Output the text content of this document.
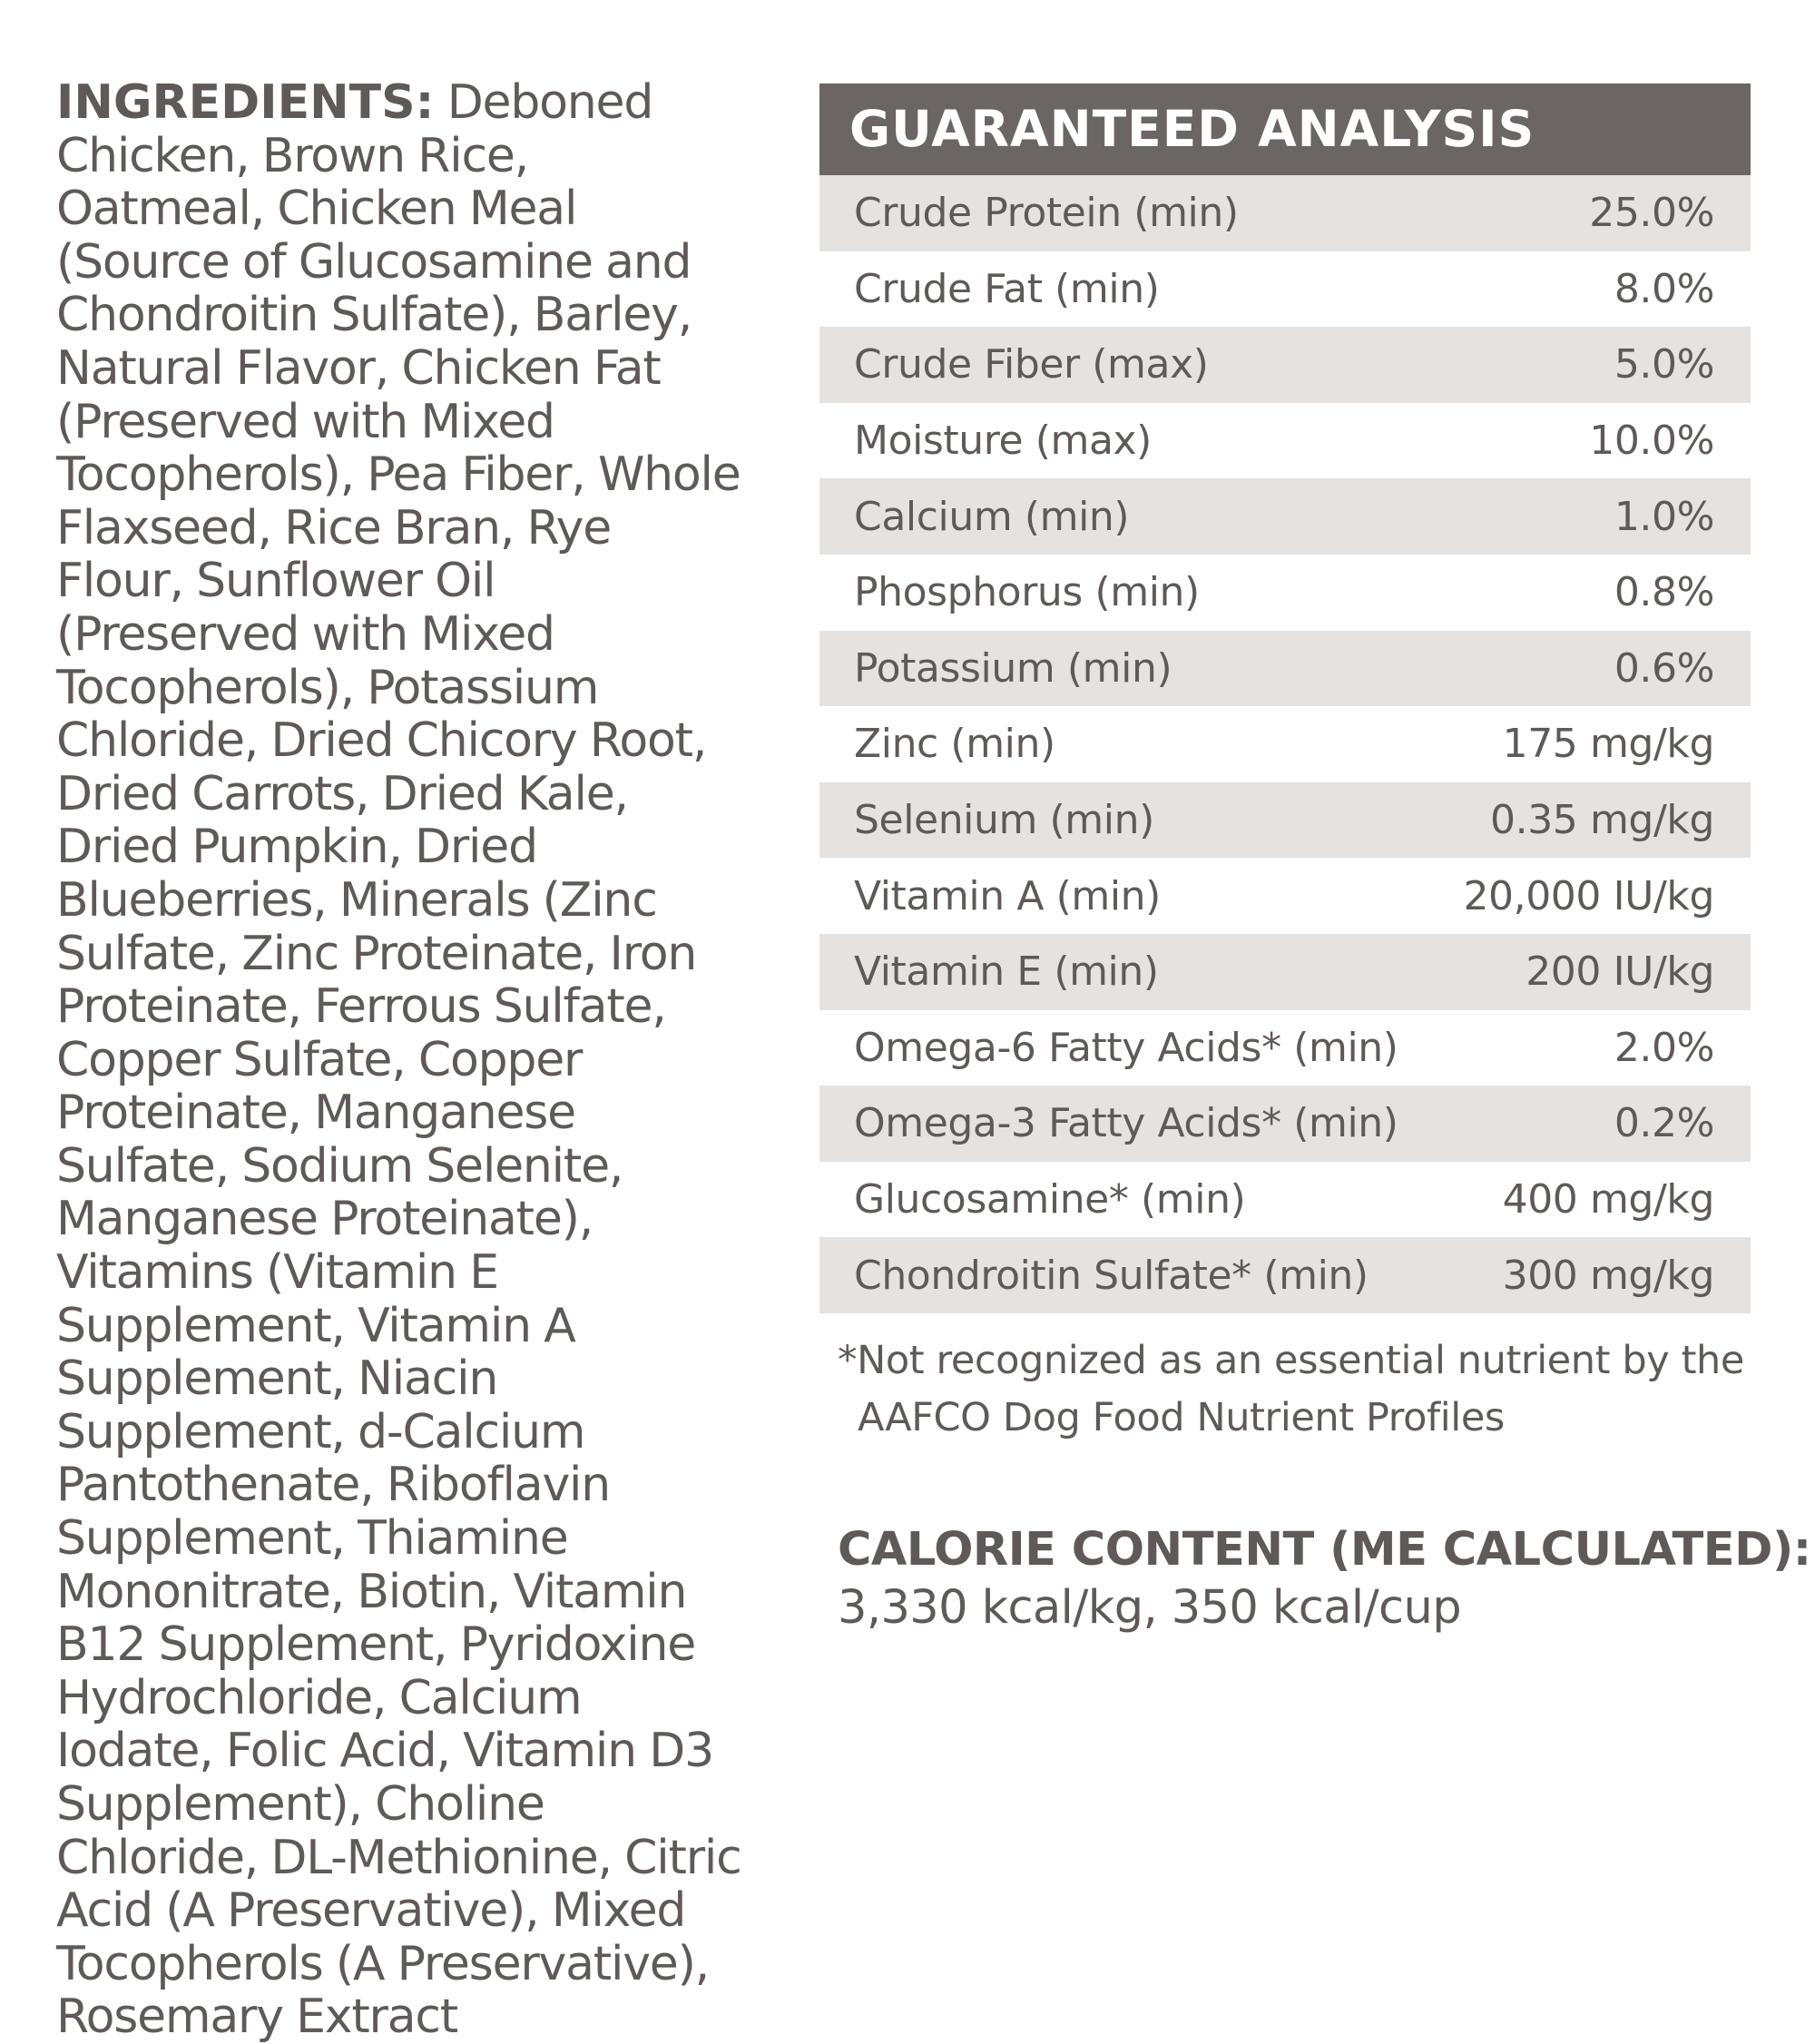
INGREDIENTS: Deboned Chicken, Brown Rice, Oatmeal, Chicken Meal (Source of Glucosamine and Chondroitin Sulfate), Barley, Natural Flavor, Chicken Fat (Preserved with Mixed Tocopherols), Pea Fiber, Whole Flaxseed, Rice Bran, Rye Flour, Sunflower Oil (Preserved with Mixed Tocopherols), Potassium Chloride, Dried Chicory Root, Dried Carrots, Dried Kale, Dried Pumpkin, Dried Blueberries, Minerals (Zinc Sulfate, Zinc Proteinate, Iron Proteinate, Ferrous Sulfate, Copper Sulfate, Copper Proteinate, Manganese Sulfate, Sodium Selenite, Manganese Proteinate), Vitamins (Vitamin E Supplement, Vitamin A Supplement, Niacin Supplement, d-Calcium Pantothenate, Riboflavin Supplement, Thiamine Mononitrate, Biotin, Vitamin B12 Supplement, Pyridoxine Hydrochloride, Calcium Iodate, Folic Acid, Vitamin D3 Supplement), Choline Chloride, DL-Methionine, Citric Acid (A Preservative), Mixed Tocopherols (A Preservative), Rosemary Extract
GUARANTEED ANALYSIS
Crude Protein (min)	25.0%
Crude Fat (min)	8.0%
Crude Fiber (max)	5.0%
Moisture (max)	10.0%
Calcium (min)	1.0%
Phosphorus (min)	0.8%
Potassium (min)	0.6%
Zinc (min)	175 mg/kg
Selenium (min)	0.35 mg/kg
Vitamin A (min)	20,000 IU/kg
Vitamin E (min)	200 IU/kg
Omega-6 Fatty Acids* (min)	2.0%
Omega-3 Fatty Acids* (min)	0.2%
Glucosamine* (min)	400 mg/kg
Chondroitin Sulfate* (min)	300 mg/kg
*Not recognized as an essential nutrient by the
AAFCO Dog Food Nutrient Profiles
CALORIE CONTENT (ME CALCULATED):
3,330 kcal/kg, 350 kcal/cup
